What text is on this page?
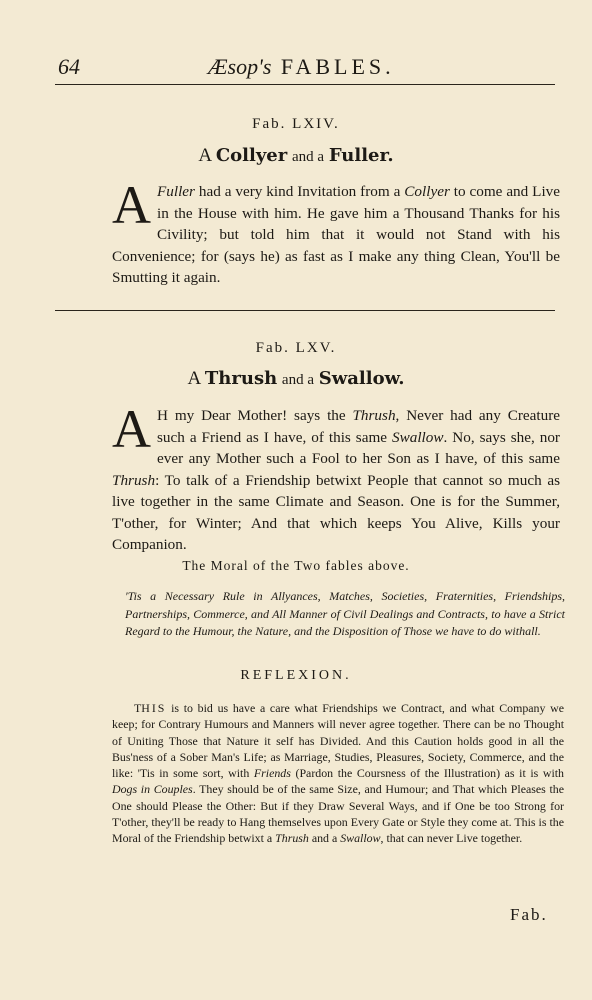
64	Æsop's FABLES.
Fab. LXIV.
A Collyer and a Fuller.
A Fuller had a very kind Invitation from a Collyer to come and Live in the House with him. He gave him a Thousand Thanks for his Civility; but told him that it would not Stand with his Convenience; for (says he) as fast as I make any thing Clean, You'll be Smutting it again.
Fab. LXV.
A Thrush and a Swallow.
A H my Dear Mother! says the Thrush, Never had any Creature such a Friend as I have, of this same Swallow. No, says she, nor ever any Mother such a Fool to her Son as I have, of this same Thrush: To talk of a Friendship betwixt People that cannot so much as live together in the same Climate and Season. One is for the Summer, T'other, for Winter; And that which keeps You Alive, Kills your Companion.
The Moral of the Two fables above.
'Tis a Necessary Rule in Allyances, Matches, Societies, Fraternities, Friendships, Partnerships, Commerce, and All Manner of Civil Dealings and Contracts, to have a Strict Regard to the Humour, the Nature, and the Disposition of Those we have to do withall.
REFLEXION.
THIS is to bid us have a care what Friendships we Contract, and what Company we keep; for Contrary Humours and Manners will never agree together. There can be no Thought of Uniting Those that Nature it self has Divided. And this Caution holds good in all the Bus'ness of a Sober Man's Life; as Marriage, Studies, Pleasures, Society, Commerce, and the like: 'Tis in some sort, with Friends (Pardon the Coursness of the Illustration) as it is with Dogs in Couples. They should be of the same Size, and Humour; and That which Pleases the One should Please the Other: But if they Draw Several Ways, and if One be too Strong for T'other, they'll be ready to Hang themselves upon Every Gate or Style they come at. This is the Moral of the Friendship betwixt a Thrush and a Swallow, that can never Live together.
Fab.
